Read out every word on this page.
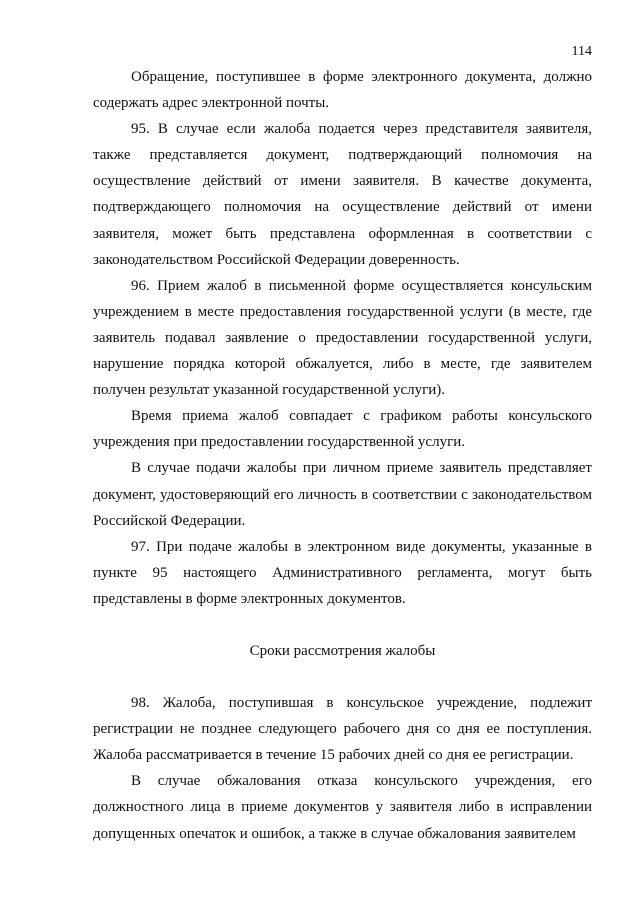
114

Обращение, поступившее в форме электронного документа, должно содержать адрес электронной почты.

95. В случае если жалоба подается через представителя заявителя, также представляется документ, подтверждающий полномочия на осуществление действий от имени заявителя. В качестве документа, подтверждающего полномочия на осуществление действий от имени заявителя, может быть представлена оформленная в соответствии с законодательством Российской Федерации доверенность.

96. Прием жалоб в письменной форме осуществляется консульским учреждением в месте предоставления государственной услуги (в месте, где заявитель подавал заявление о предоставлении государственной услуги, нарушение порядка которой обжалуется, либо в месте, где заявителем получен результат указанной государственной услуги).

Время приема жалоб совпадает с графиком работы консульского учреждения при предоставлении государственной услуги.

В случае подачи жалобы при личном приеме заявитель представляет документ, удостоверяющий его личность в соответствии с законодательством Российской Федерации.

97. При подаче жалобы в электронном виде документы, указанные в пункте 95 настоящего Административного регламента, могут быть представлены в форме электронных документов.

Сроки рассмотрения жалобы

98. Жалоба, поступившая в консульское учреждение, подлежит регистрации не позднее следующего рабочего дня со дня ее поступления. Жалоба рассматривается в течение 15 рабочих дней со дня ее регистрации.

В случае обжалования отказа консульского учреждения, его должностного лица в приеме документов у заявителя либо в исправлении допущенных опечаток и ошибок, а также в случае обжалования заявителем
